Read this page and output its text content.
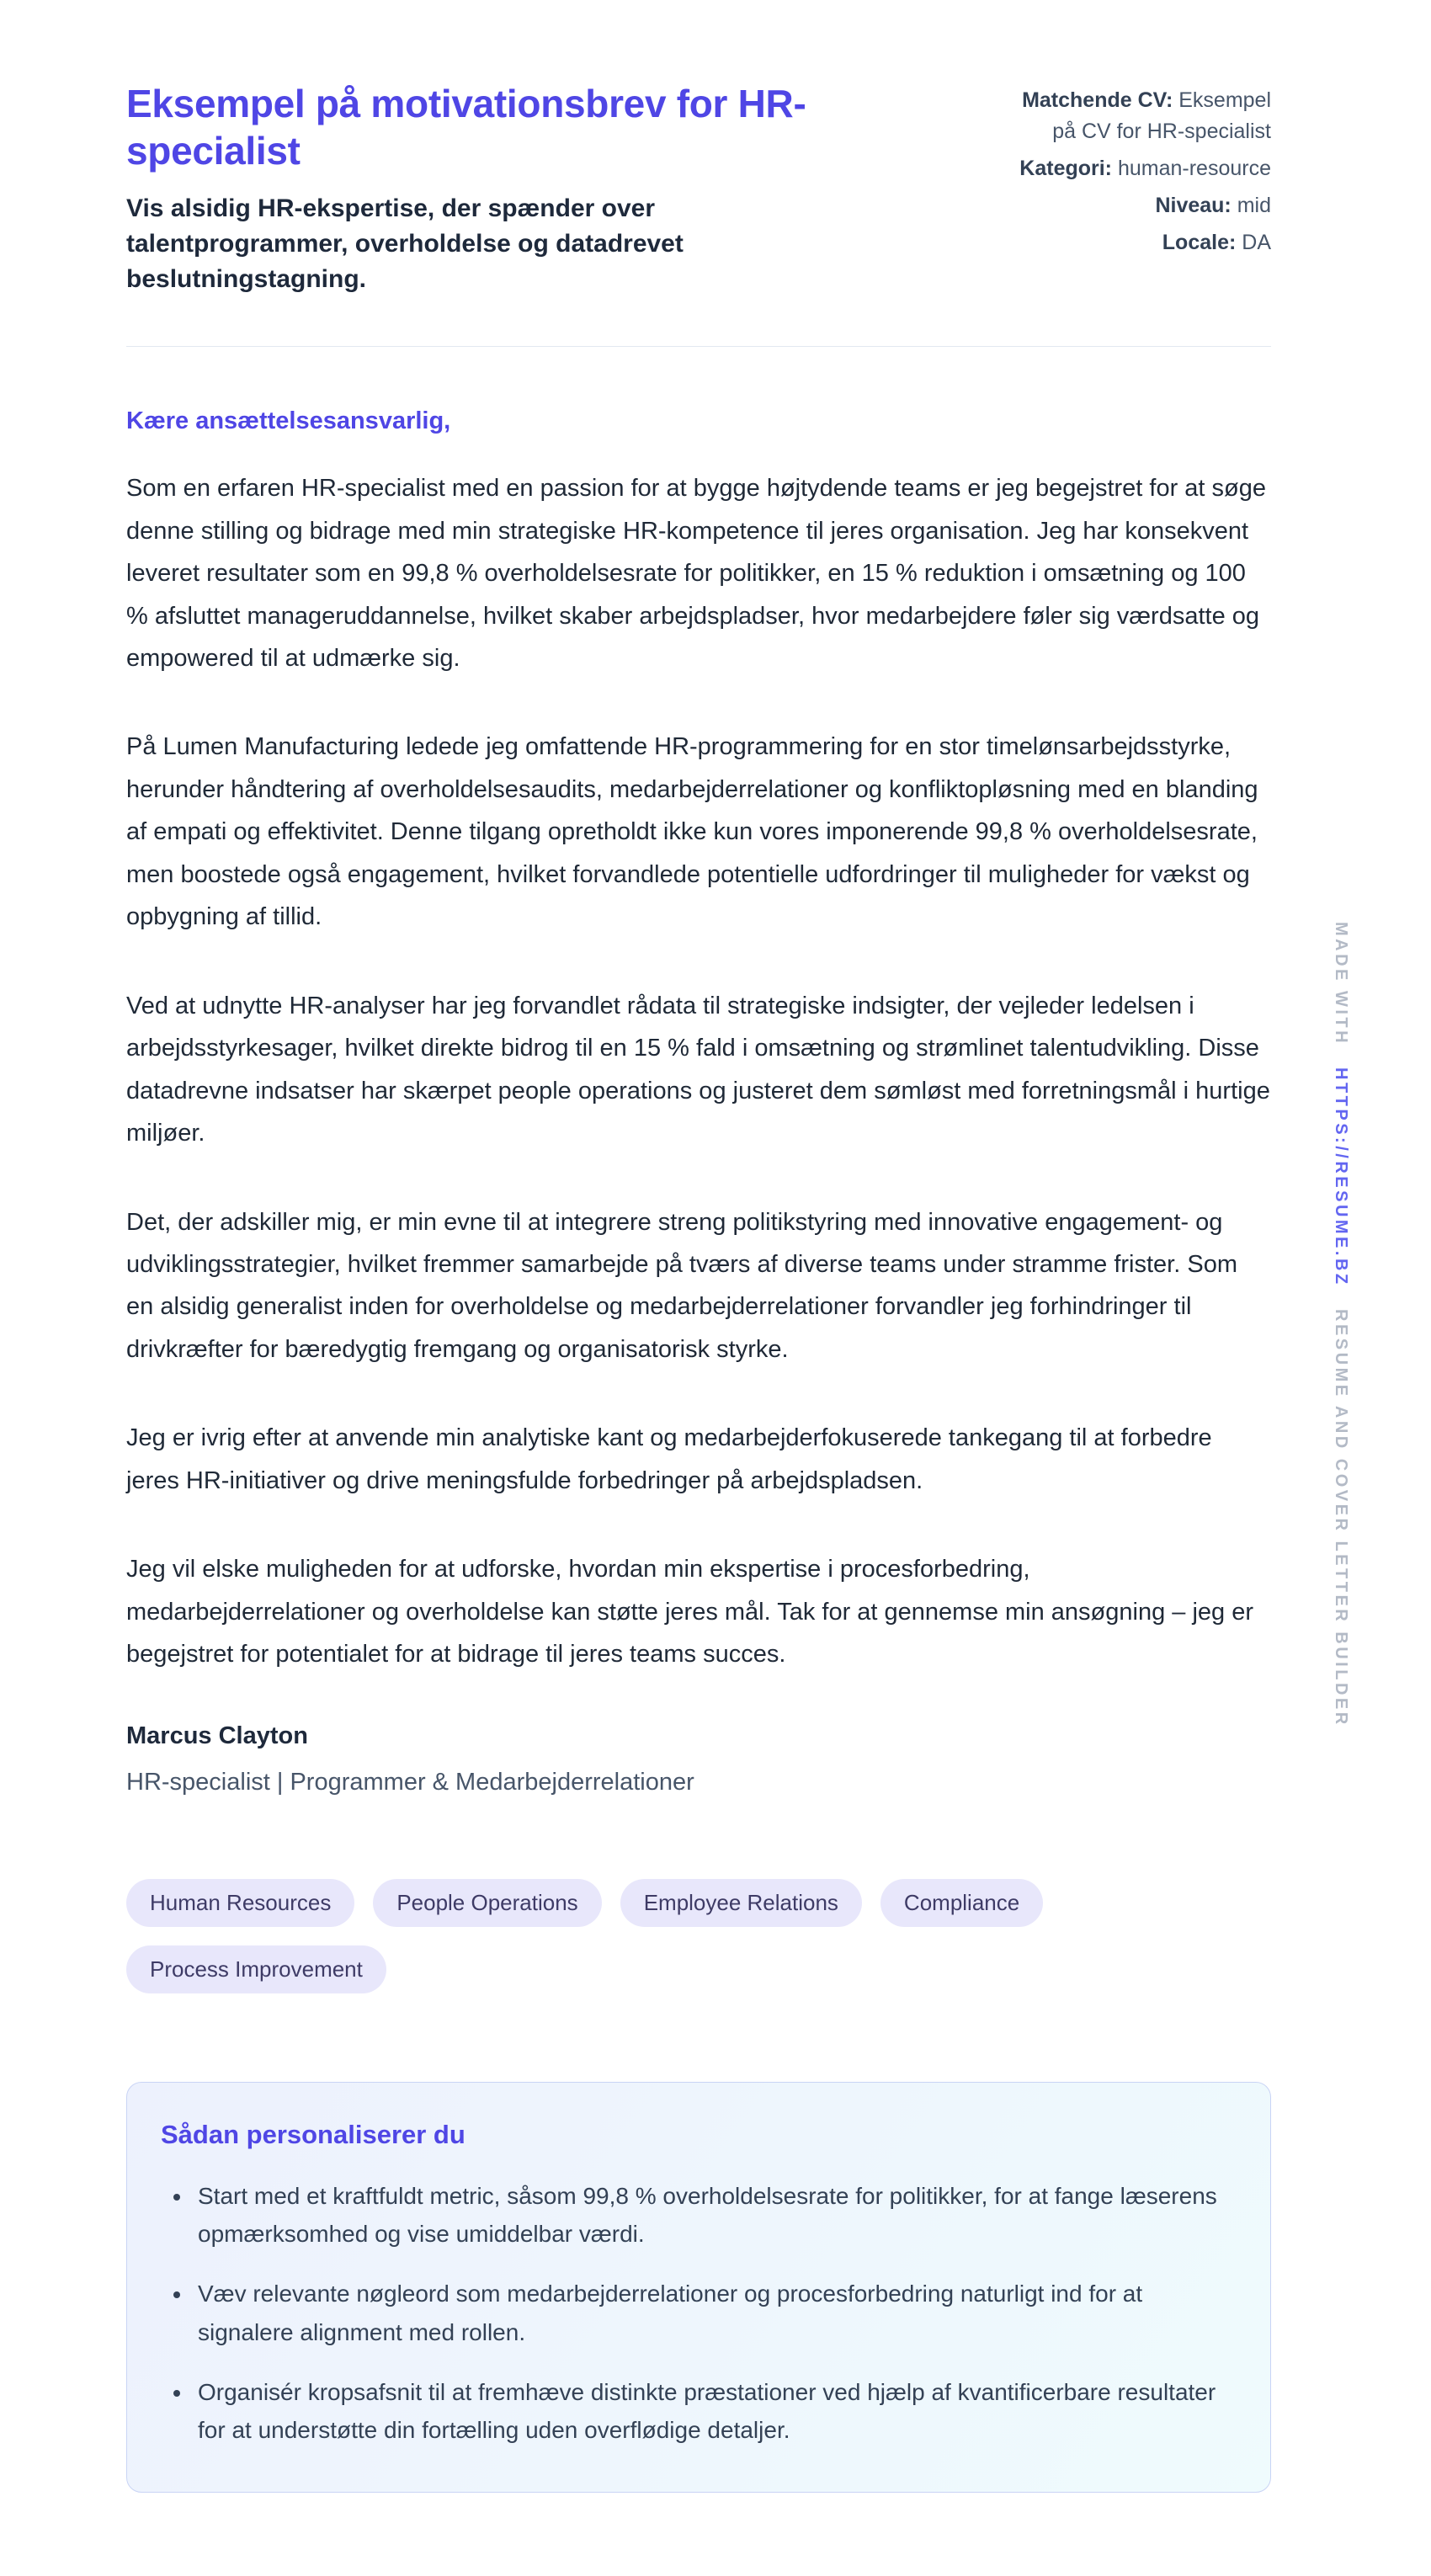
MADE WITH
HTTPS://RESUME.BZ
RESUME AND COVER LETTER BUILDER
Eksempel på motivationsbrev for HR-specialist

Vis alsidig HR-ekspertise, der spænder over talentprogrammer, overholdelse og datadrevet beslutningstagning.

Matchende CV: Eksempel på CV for HR-specialist

Kategori: human-resource

Niveau: mid

Locale: DA

Kære ansættelsesansvarlig,

Som en erfaren HR-specialist med en passion for at bygge højtydende teams er jeg begejstret for at søge denne stilling og bidrage med min strategiske HR-kompetence til jeres organisation. Jeg har konsekvent leveret resultater som en 99,8 % overholdelsesrate for politikker, en 15 % reduktion i omsætning og 100 % afsluttet manageruddannelse, hvilket skaber arbejdspladser, hvor medarbejdere føler sig værdsatte og empowered til at udmærke sig.

På Lumen Manufacturing ledede jeg omfattende HR-programmering for en stor timelønsarbejdsstyrke, herunder håndtering af overholdelsesaudits, medarbejderrelationer og konfliktopløsning med en blanding af empati og effektivitet. Denne tilgang opretholdt ikke kun vores imponerende 99,8 % overholdelsesrate, men boostede også engagement, hvilket forvandlede potentielle udfordringer til muligheder for vækst og opbygning af tillid.

Ved at udnytte HR-analyser har jeg forvandlet rådata til strategiske indsigter, der vejleder ledelsen i arbejdsstyrkesager, hvilket direkte bidrog til en 15 % fald i omsætning og strømlinet talentudvikling. Disse datadrevne indsatser har skærpet people operations og justeret dem sømløst med forretningsmål i hurtige miljøer.

Det, der adskiller mig, er min evne til at integrere streng politikstyring med innovative engagement- og udviklingsstrategier, hvilket fremmer samarbejde på tværs af diverse teams under stramme frister. Som en alsidig generalist inden for overholdelse og medarbejderrelationer forvandler jeg forhindringer til drivkræfter for bæredygtig fremgang og organisatorisk styrke.

Jeg er ivrig efter at anvende min analytiske kant og medarbejderfokuserede tankegang til at forbedre jeres HR-initiativer og drive meningsfulde forbedringer på arbejdspladsen.

Jeg vil elske muligheden for at udforske, hvordan min ekspertise i procesforbedring, medarbejderrelationer og overholdelse kan støtte jeres mål. Tak for at gennemse min ansøgning – jeg er begejstret for potentialet for at bidrage til jeres teams succes.

Marcus Clayton

HR-specialist | Programmer & Medarbejderrelationer

Human Resources	People Operations	Employee Relations	Compliance
Process Improvement
Sådan personaliserer du
• Start med et kraftfuldt metric, såsom 99,8 % overholdelsesrate for politikker, for at fange læserens opmærksomhed og vise umiddelbar værdi.
• Væv relevante nøgleord som medarbejderrelationer og procesforbedring naturligt ind for at signalere alignment med rollen.
• Organisér kropsafsnit til at fremhæve distinkte præstationer ved hjælp af kvantificerbare resultater for at understøtte din fortælling uden overflødige detaljer.
